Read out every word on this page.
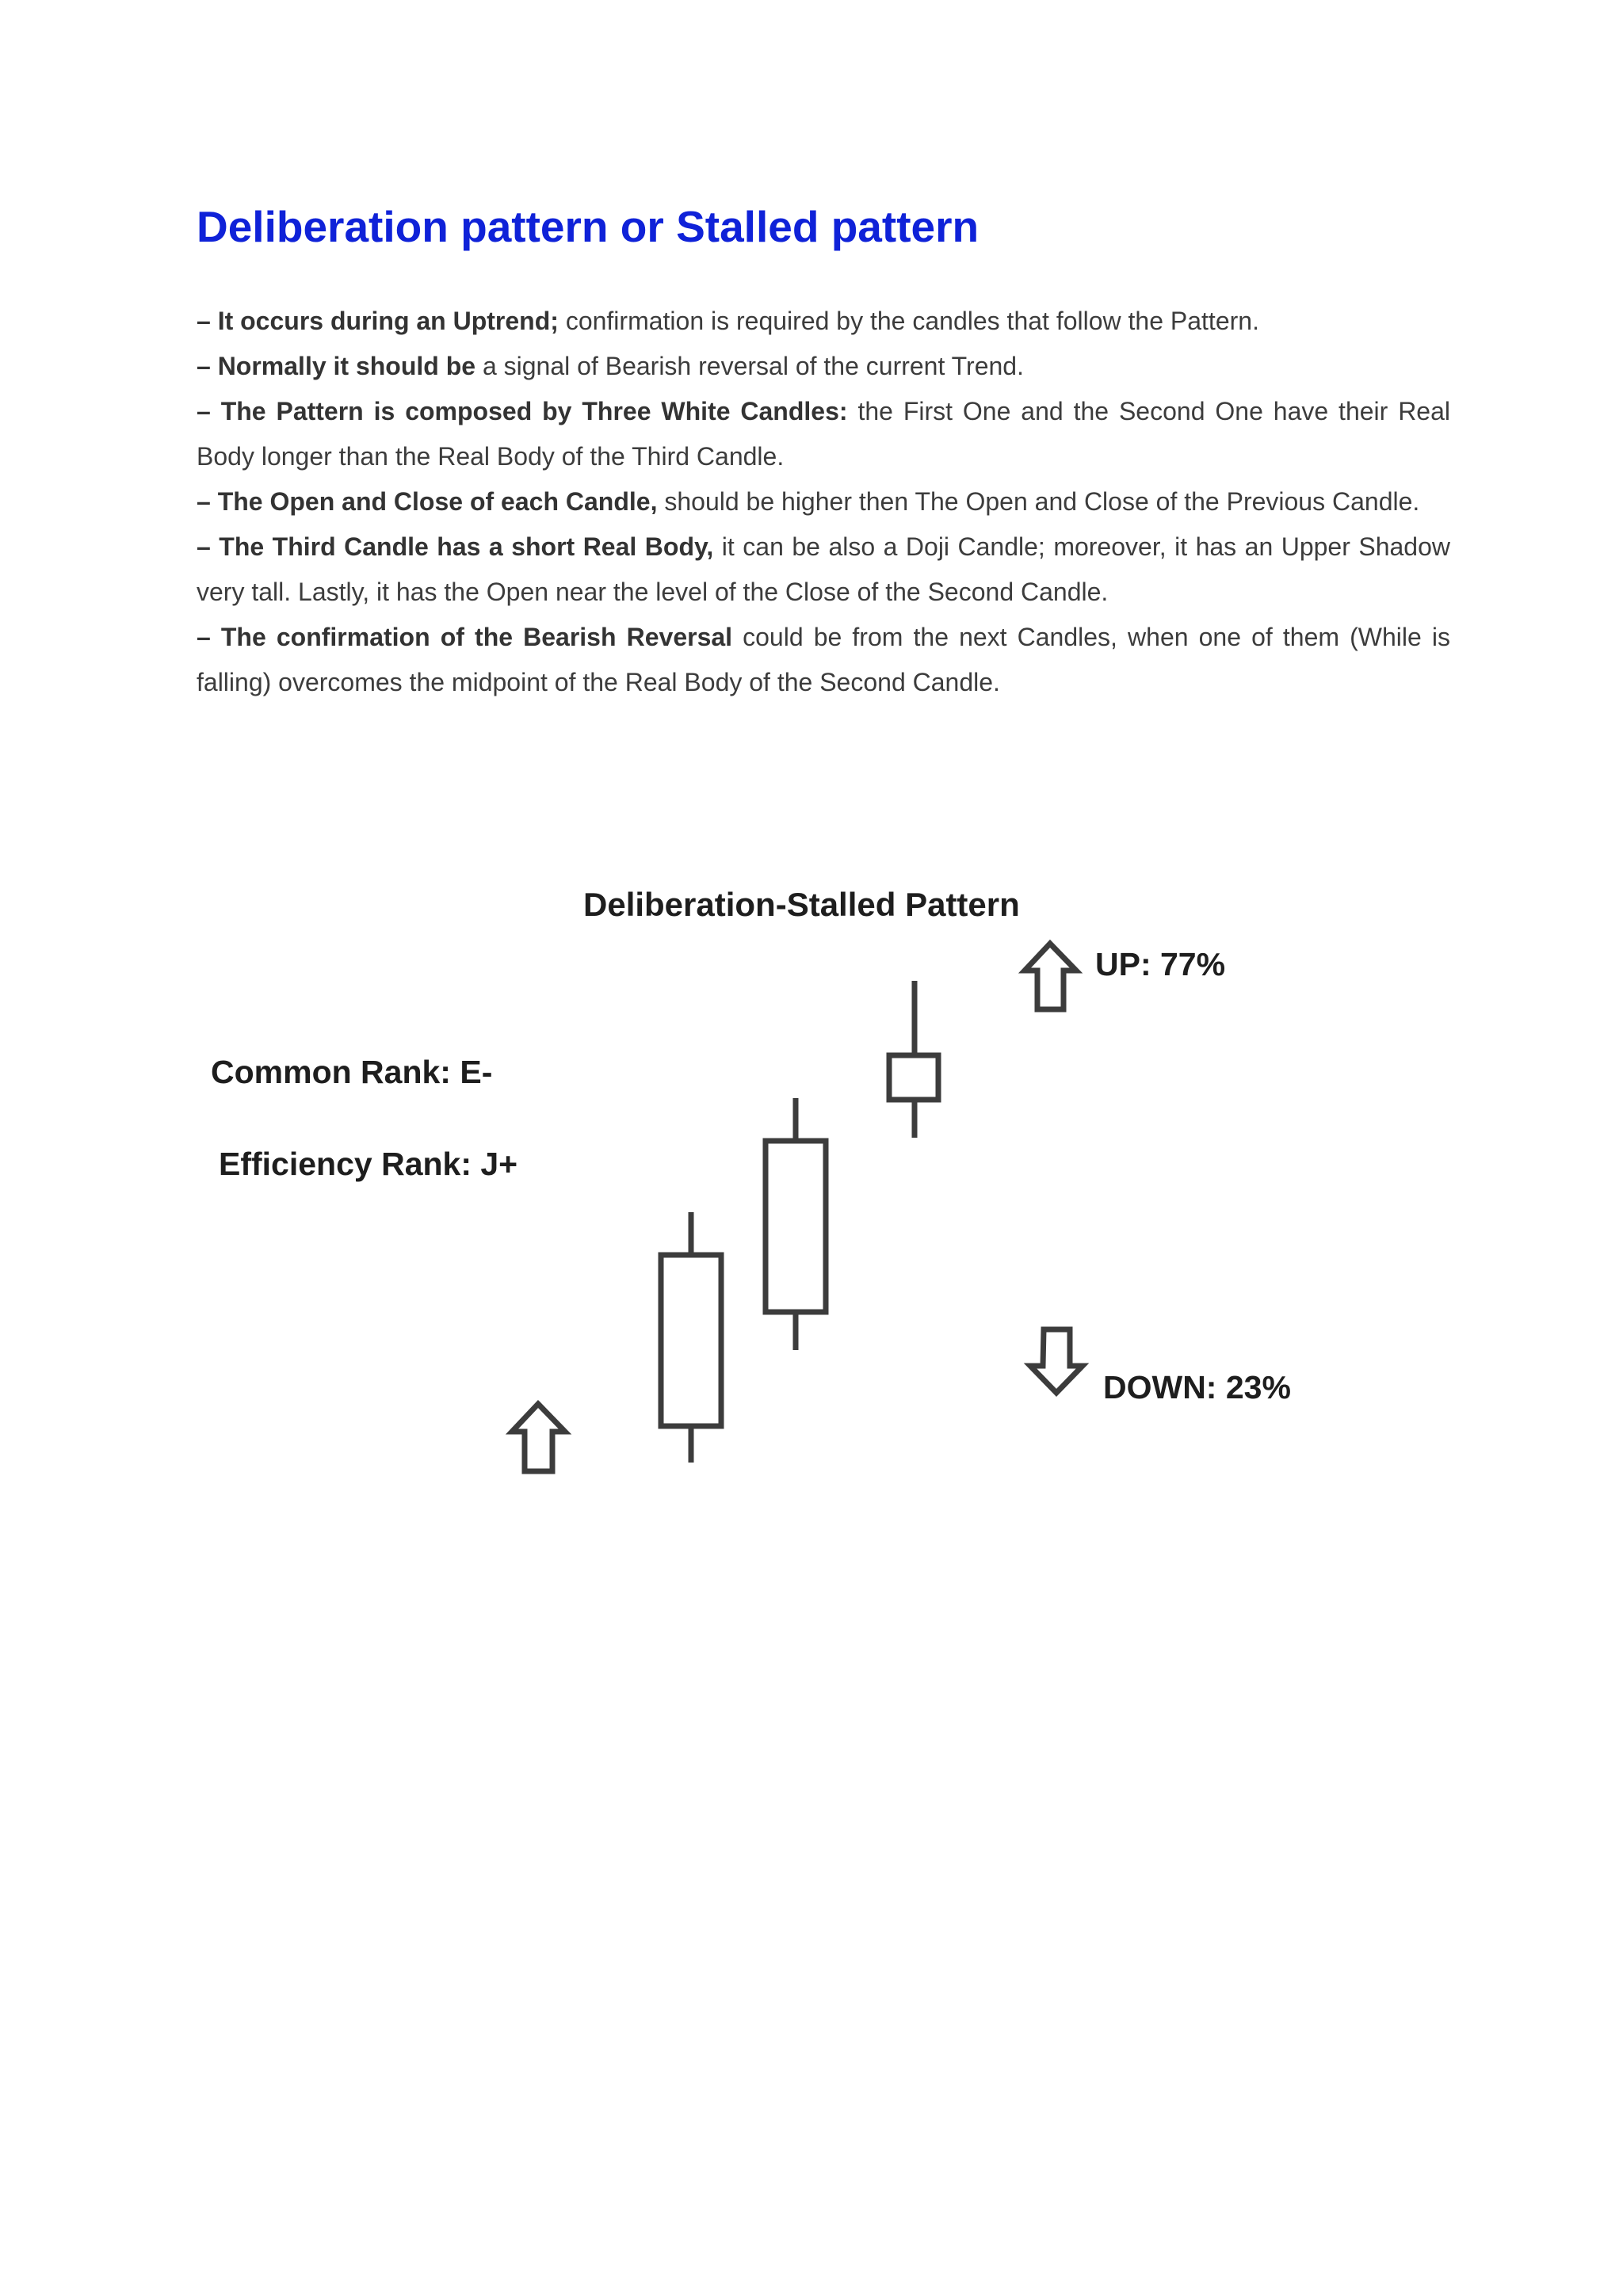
Deliberation pattern or Stalled pattern

– It occurs during an Uptrend; confirmation is required by the candles that follow the Pattern.

– Normally it should be a signal of Bearish reversal of the current Trend.

– The Pattern is composed by Three White Candles: the First One and the Second One have their Real Body longer than the Real Body of the Third Candle.

– The Open and Close of each Candle, should be higher then The Open and Close of the Previous Candle.

– The Third Candle has a short Real Body, it can be also a Doji Candle; moreover, it has an Upper Shadow very tall. Lastly, it has the Open near the level of the Close of the Second Candle.

– The confirmation of the Bearish Reversal could be from the next Candles, when one of them (While is falling) overcomes the midpoint of the Real Body of the Second Candle.

Deliberation-Stalled Pattern
Common Rank: E-
Efficiency Rank: J+
UP: 77%
DOWN: 23%
